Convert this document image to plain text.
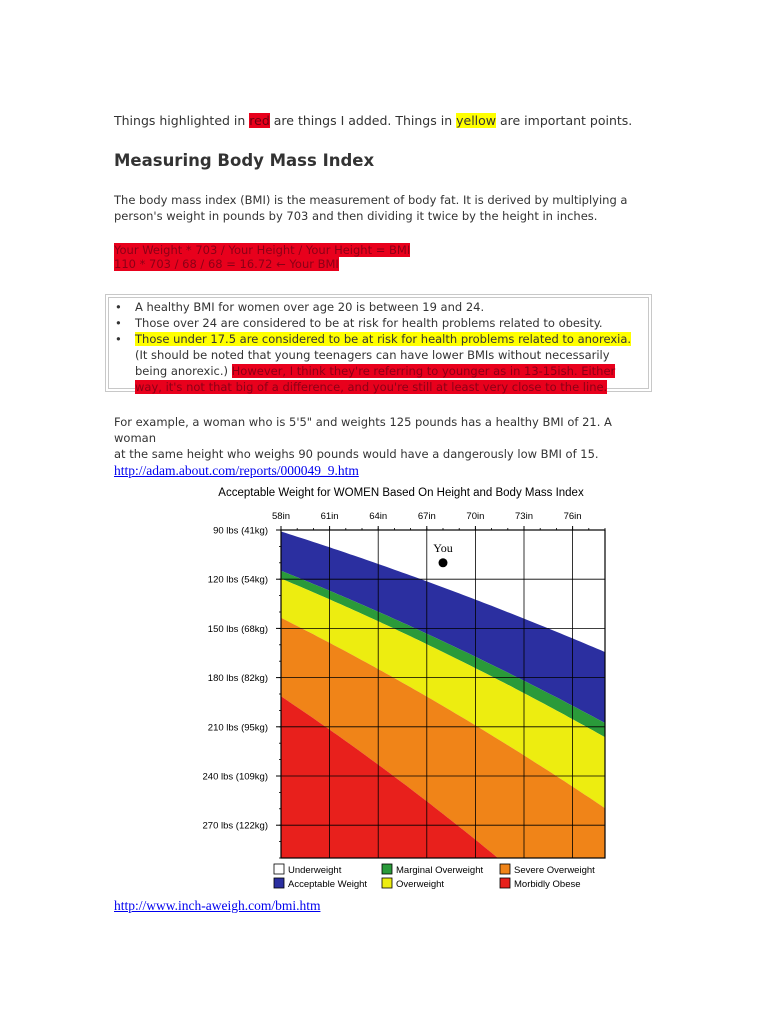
Things highlighted in red are things I added. Things in yellow are important points.
Measuring Body Mass Index
The body mass index (BMI) is the measurement of body fat. It is derived by multiplying a
person's weight in pounds by 703 and then dividing it twice by the height in inches.
Your Weight * 703 / Your Height / Your Height = BMI
110 * 703 / 68 / 68 = 16.72 ← Your BMI
• A healthy BMI for women over age 20 is between 19 and 24.
• Those over 24 are considered to be at risk for health problems related to obesity.
• Those under 17.5 are considered to be at risk for health problems related to anorexia. (It should be noted that young teenagers can have lower BMIs without necessarily being anorexic.) However, I think they're referring to younger as in 13-15ish. Either way, it's not that big of a difference, and you're still at least very close to the line.
For example, a woman who is 5'5" and weights 125 pounds has a healthy BMI of 21. A woman
at the same height who weighs 90 pounds would have a dangerously low BMI of 15.
http://adam.about.com/reports/000049_9.htm
Acceptable Weight for WOMEN Based On Height and Body Mass Index
58in	61in	64in	67in	70in	73in	76in
90 lbs (41kg)
120 lbs (54kg)
150 lbs (68kg)
180 lbs (82kg)
210 lbs (95kg)
240 lbs (109kg)
270 lbs (122kg)
You
Underweight	Marginal Overweight	Severe Overweight
Acceptable Weight	Overweight	Morbidly Obese
http://www.inch-aweigh.com/bmi.htm
